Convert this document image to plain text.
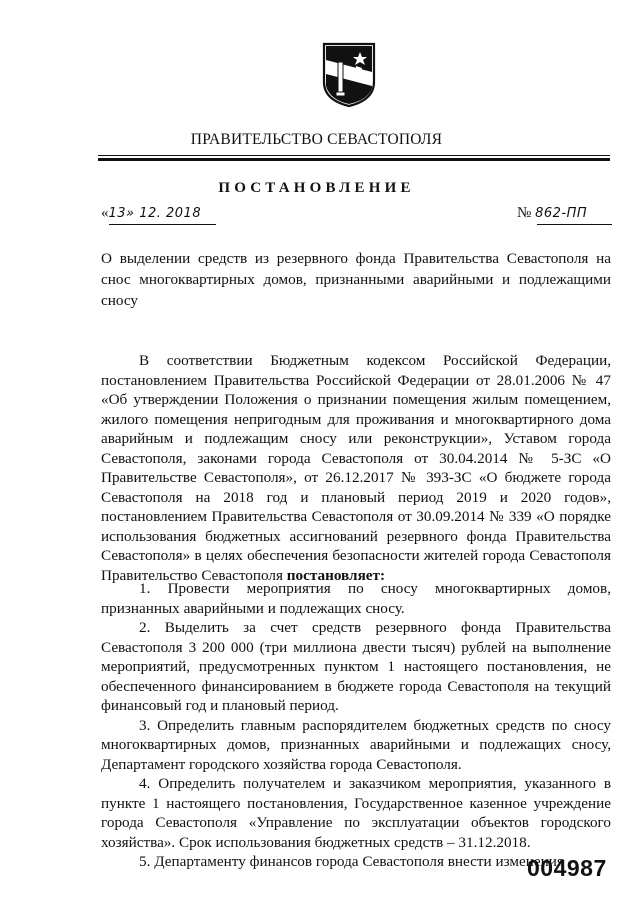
ПРАВИТЕЛЬСТВО СЕВАСТОПОЛЯ
ПОСТАНОВЛЕНИЕ
«13» 12. 2018	№ 862-ПП
О выделении средств из резервного фонда Правительства Севастополя на снос многоквартирных домов, признанными аварийными и подлежащими сносу

В соответствии Бюджетным кодексом Российской Федерации, постановлением Правительства Российской Федерации от 28.01.2006 № 47 «Об утверждении Положения о признании помещения жилым помещением, жилого помещения непригодным для проживания и многоквартирного дома аварийным и подлежащим сносу или реконструкции», Уставом города Севастополя, законами города Севастополя от 30.04.2014 № 5-ЗС «О Правительстве Севастополя», от 26.12.2017 № 393-ЗС «О бюджете города Севастополя на 2018 год и плановый период 2019 и 2020 годов», постановлением Правительства Севастополя от 30.09.2014 № 339 «О порядке использования бюджетных ассигнований резервного фонда Правительства Севастополя» в целях обеспечения безопасности жителей города Севастополя Правительство Севастополя постановляет:

1. Провести мероприятия по сносу многоквартирных домов, признанных аварийными и подлежащих сносу.

2. Выделить за счет средств резервного фонда Правительства Севастополя 3 200 000 (три миллиона двести тысяч) рублей на выполнение мероприятий, предусмотренных пунктом 1 настоящего постановления, не обеспеченного финансированием в бюджете города Севастополя на текущий финансовый год и плановый период.

3. Определить главным распорядителем бюджетных средств по сносу многоквартирных домов, признанных аварийными и подлежащих сносу, Департамент городского хозяйства города Севастополя.

4. Определить получателем и заказчиком мероприятия, указанного в пункте 1 настоящего постановления, Государственное казенное учреждение города Севастополя «Управление по эксплуатации объектов городского хозяйства». Срок использования бюджетных средств – 31.12.2018.

5. Департаменту финансов города Севастополя внести изменения

004987
